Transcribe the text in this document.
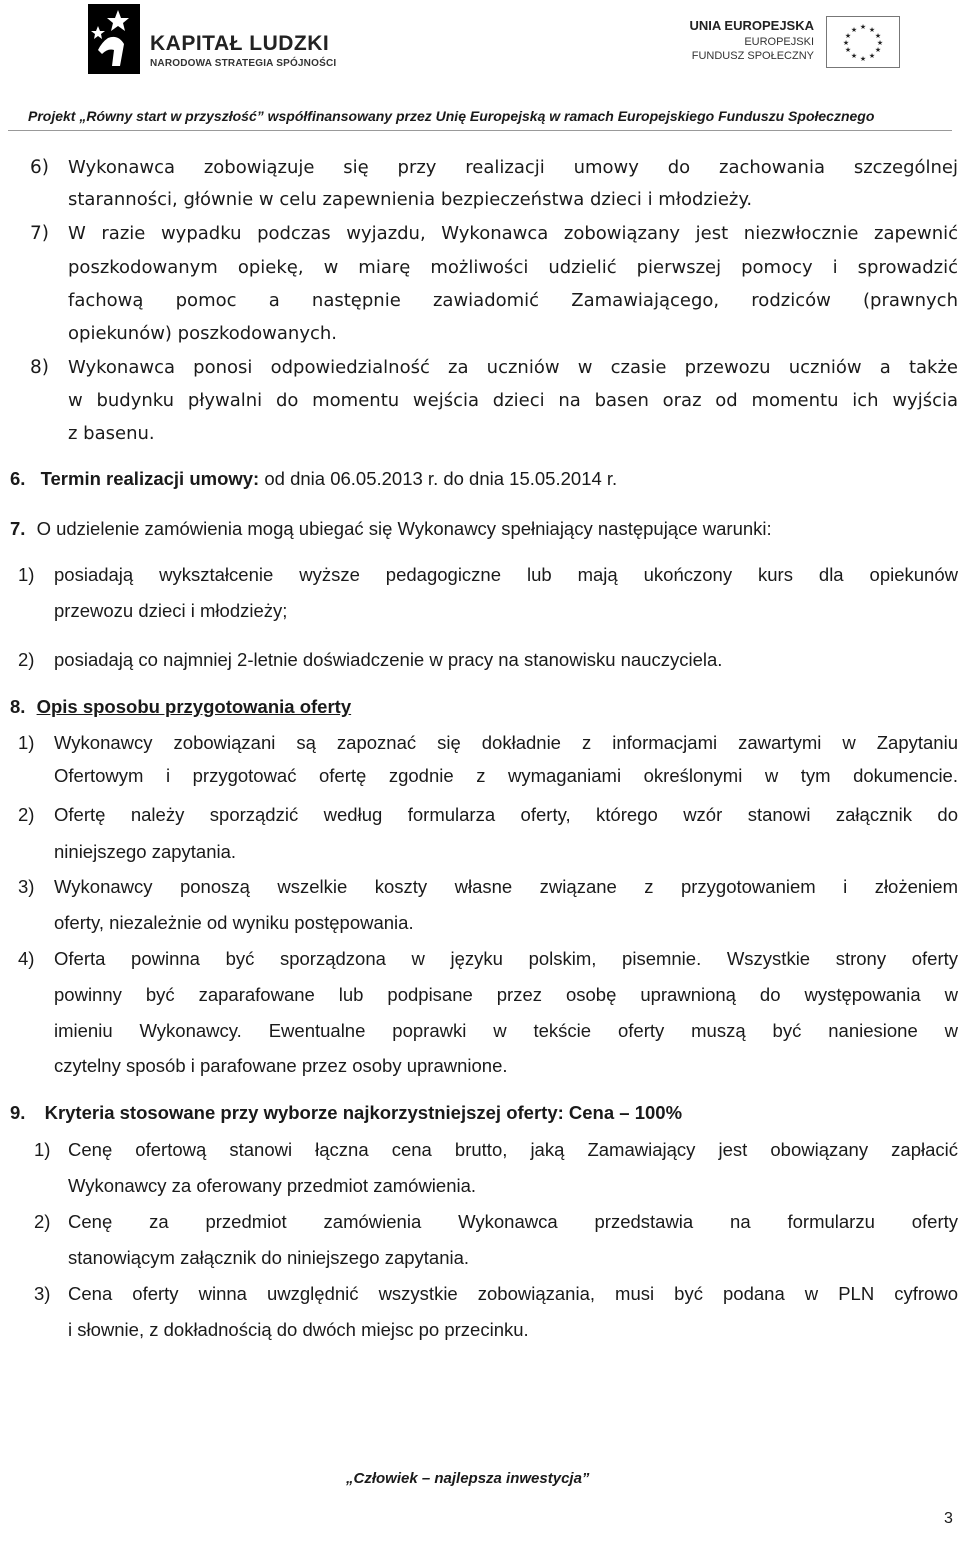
KAPITAŁ LUDZKI
NARODOWA STRATEGIA SPÓJNOŚCI
UNIA EUROPEJSKA
EUROPEJSKI
FUNDUSZ SPOŁECZNY
★ ★
★
★
★
★
★
★
★
★
★
★
Projekt „Równy start w przyszłość” współfinansowany przez Unię Europejską w ramach Europejskiego Funduszu Społecznego
6) Wykonawca zobowiązuje się przy realizacji umowy do zachowania szczególnej
staranności, głównie w celu zapewnienia bezpieczeństwa dzieci i młodzieży.
7) W razie wypadku podczas wyjazdu, Wykonawca zobowiązany jest niezwłocznie zapewnić
poszkodowanym opiekę, w miarę możliwości udzielić pierwszej pomocy i sprowadzić
fachową pomoc a następnie zawiadomić Zamawiającego, rodziców (prawnych
opiekunów) poszkodowanych.
8) Wykonawca ponosi odpowiedzialność za uczniów w czasie przewozu uczniów a także
w budynku pływalni do momentu wejścia dzieci na basen oraz od momentu ich wyjścia
z basenu.
6. Termin realizacji umowy: od dnia 06.05.2013 r. do dnia 15.05.2014 r.
7. O udzielenie zamówienia mogą ubiegać się Wykonawcy spełniający następujące warunki:
1) posiadają wykształcenie wyższe pedagogiczne lub mają ukończony kurs dla opiekunów
przewozu dzieci i młodzieży;
2) posiadają co najmniej 2-letnie doświadczenie w pracy na stanowisku nauczyciela.
8. Opis sposobu przygotowania oferty
1) Wykonawcy zobowiązani są zapoznać się dokładnie z informacjami zawartymi w Zapytaniu
Ofertowym i przygotować ofertę zgodnie z wymaganiami określonymi w tym dokumencie.
2) Ofertę należy sporządzić według formularza oferty, którego wzór stanowi załącznik do
niniejszego zapytania.
3) Wykonawcy ponoszą wszelkie koszty własne związane z przygotowaniem i złożeniem
oferty, niezależnie od wyniku postępowania.
4) Oferta powinna być sporządzona w języku polskim, pisemnie. Wszystkie strony oferty
powinny być zaparafowane lub podpisane przez osobę uprawnioną do występowania w
imieniu Wykonawcy. Ewentualne poprawki w tekście oferty muszą być naniesione w
czytelny sposób i parafowane przez osoby uprawnione.
9. Kryteria stosowane przy wyborze najkorzystniejszej oferty: Cena – 100%
1) Cenę ofertową stanowi łączna cena brutto, jaką Zamawiający jest obowiązany zapłacić
Wykonawcy za oferowany przedmiot zamówienia.
2) Cenę za przedmiot zamówienia Wykonawca przedstawia na formularzu oferty
stanowiącym załącznik do niniejszego zapytania.
3) Cena oferty winna uwzględnić wszystkie zobowiązania, musi być podana w PLN cyfrowo
i słownie, z dokładnością do dwóch miejsc po przecinku.
„Człowiek – najlepsza inwestycja”
3
